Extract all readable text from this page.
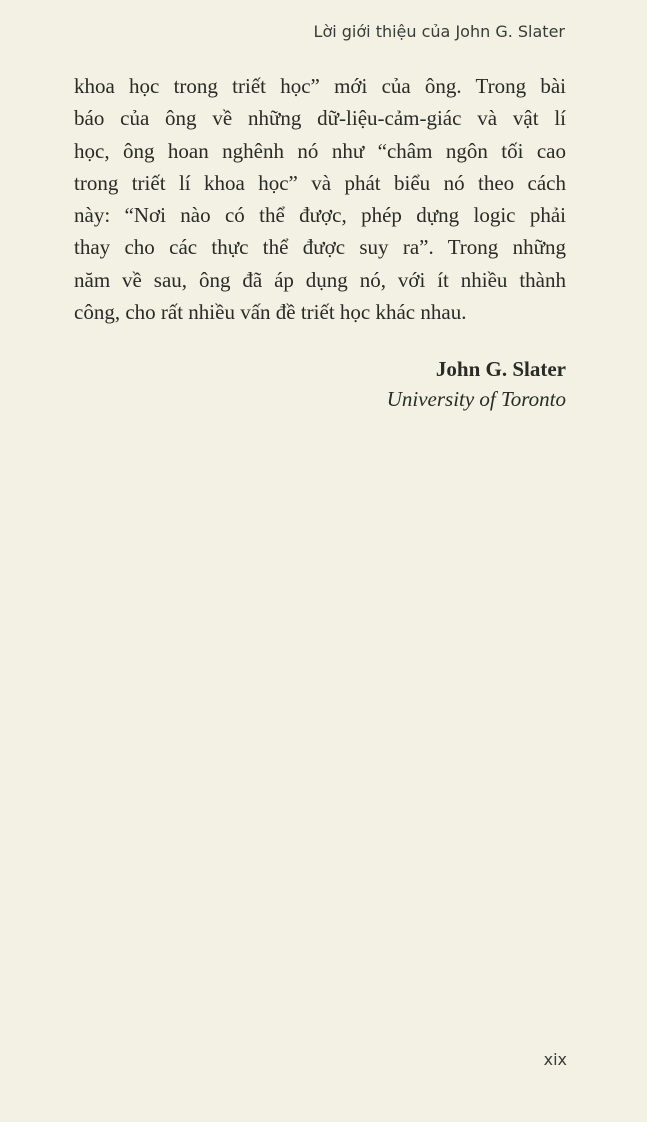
Lời giới thiệu của John G. Slater
khoa học trong triết học” mới của ông. Trong bài
báo của ông về những dữ-liệu-cảm-giác và vật lí
học, ông hoan nghênh nó như “châm ngôn tối cao
trong triết lí khoa học” và phát biểu nó theo cách
này: “Nơi nào có thể được, phép dựng logic phải
thay cho các thực thể được suy ra”. Trong những
năm về sau, ông đã áp dụng nó, với ít nhiều thành
công, cho rất nhiều vấn đề triết học khác nhau.
John G. Slater
University of Toronto
xix
